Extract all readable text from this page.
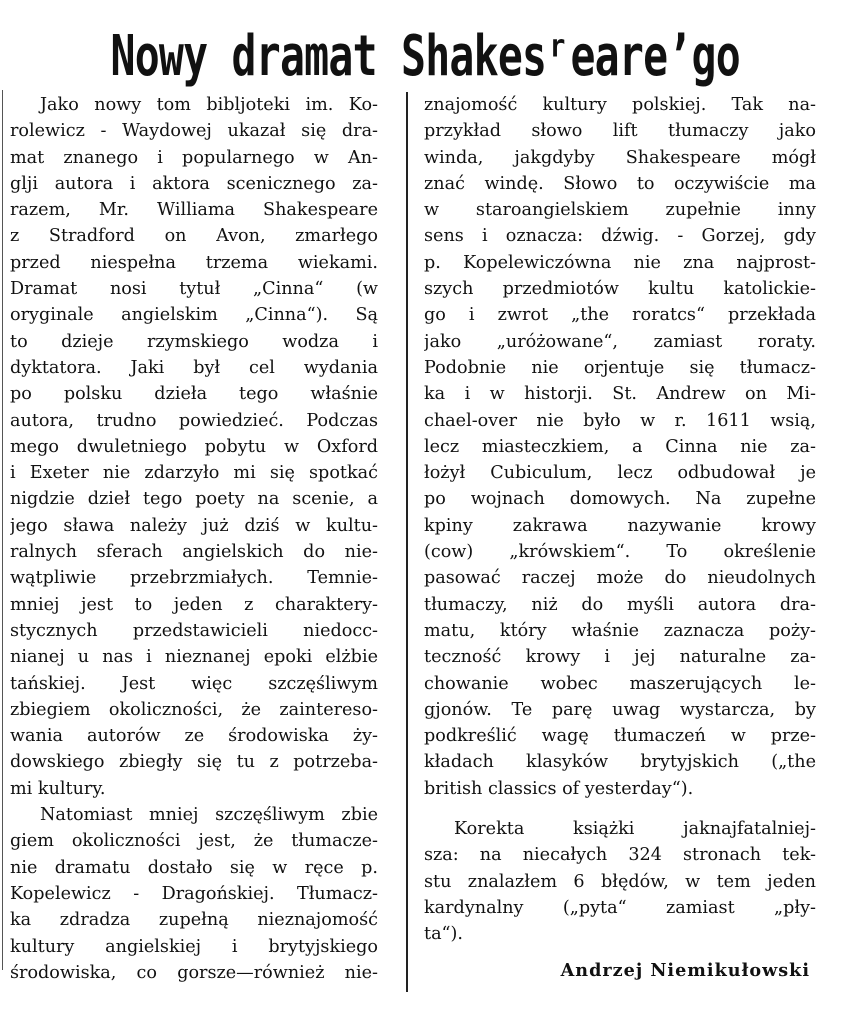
Nowy dramat Shakesʳeare’go
Jako nowy tom bibljoteki im. Ko-
rolewicz - Waydowej ukazał się dra-
mat znanego i popularnego w An-
glji autora i aktora scenicznego za-
razem, Mr. Williama Shakespeare
z Stradford on Avon, zmarłego
przed niespełna trzema wiekami.
Dramat nosi tytuł „Cinna“ (w
oryginale angielskim „Cinna“). Są
to dzieje rzymskiego wodza i
dyktatora. Jaki był cel wydania
po polsku dzieła tego właśnie
autora, trudno powiedzieć. Podczas
mego dwuletniego pobytu w Oxford
i Exeter nie zdarzyło mi się spotkać
nigdzie dzieł tego poety na scenie, a
jego sława należy już dziś w kultu-
ralnych sferach angielskich do nie-
wątpliwie przebrzmiałych. Temnie-
mniej jest to jeden z charaktery-
stycznych przedstawicieli niedocc-
nianej u nas i nieznanej epoki elżbie
tańskiej. Jest więc szczęśliwym
zbiegiem okoliczności, że zaintereso-
wania autorów ze środowiska ży-
dowskiego zbiegły się tu z potrzeba-
mi kultury.
Natomiast mniej szczęśliwym zbie
giem okoliczności jest, że tłumacze-
nie dramatu dostało się w ręce p.
Kopelewicz - Dragońskiej. Tłumacz-
ka zdradza zupełną nieznajomość
kultury angielskiej i brytyjskiego
środowiska, co gorsze—również nie-
znajomość kultury polskiej. Tak na-
przykład słowo lift tłumaczy jako
winda, jakgdyby Shakespeare mógł
znać windę. Słowo to oczywiście ma
w staroangielskiem zupełnie inny
sens i oznacza: dźwig. - Gorzej, gdy
p. Kopelewiczówna nie zna najprost-
szych przedmiotów kultu katolickie-
go i zwrot „the roratcs“ przekłada
jako „uróżowane“, zamiast roraty.
Podobnie nie orjentuje się tłumacz-
ka i w historji. St. Andrew on Mi-
chael-over nie było w r. 1611 wsią,
lecz miasteczkiem, a Cinna nie za-
łożył Cubiculum, lecz odbudował je
po wojnach domowych. Na zupełne
kpiny zakrawa nazywanie krowy
(cow) „krówskiem“. To określenie
pasować raczej może do nieudolnych
tłumaczy, niż do myśli autora dra-
matu, który właśnie zaznacza poży-
teczność krowy i jej naturalne za-
chowanie wobec maszerujących le-
gjonów. Te parę uwag wystarcza, by
podkreślić wagę tłumaczeń w prze-
kładach klasyków brytyjskich („the
british classics of yesterday“).
Korekta książki jaknajfatalniej-
sza: na niecałych 324 stronach tek-
stu znalazłem 6 błędów, w tem jeden
kardynalny („pyta“ zamiast „pły-
ta“).
Andrzej Niemikułowski
